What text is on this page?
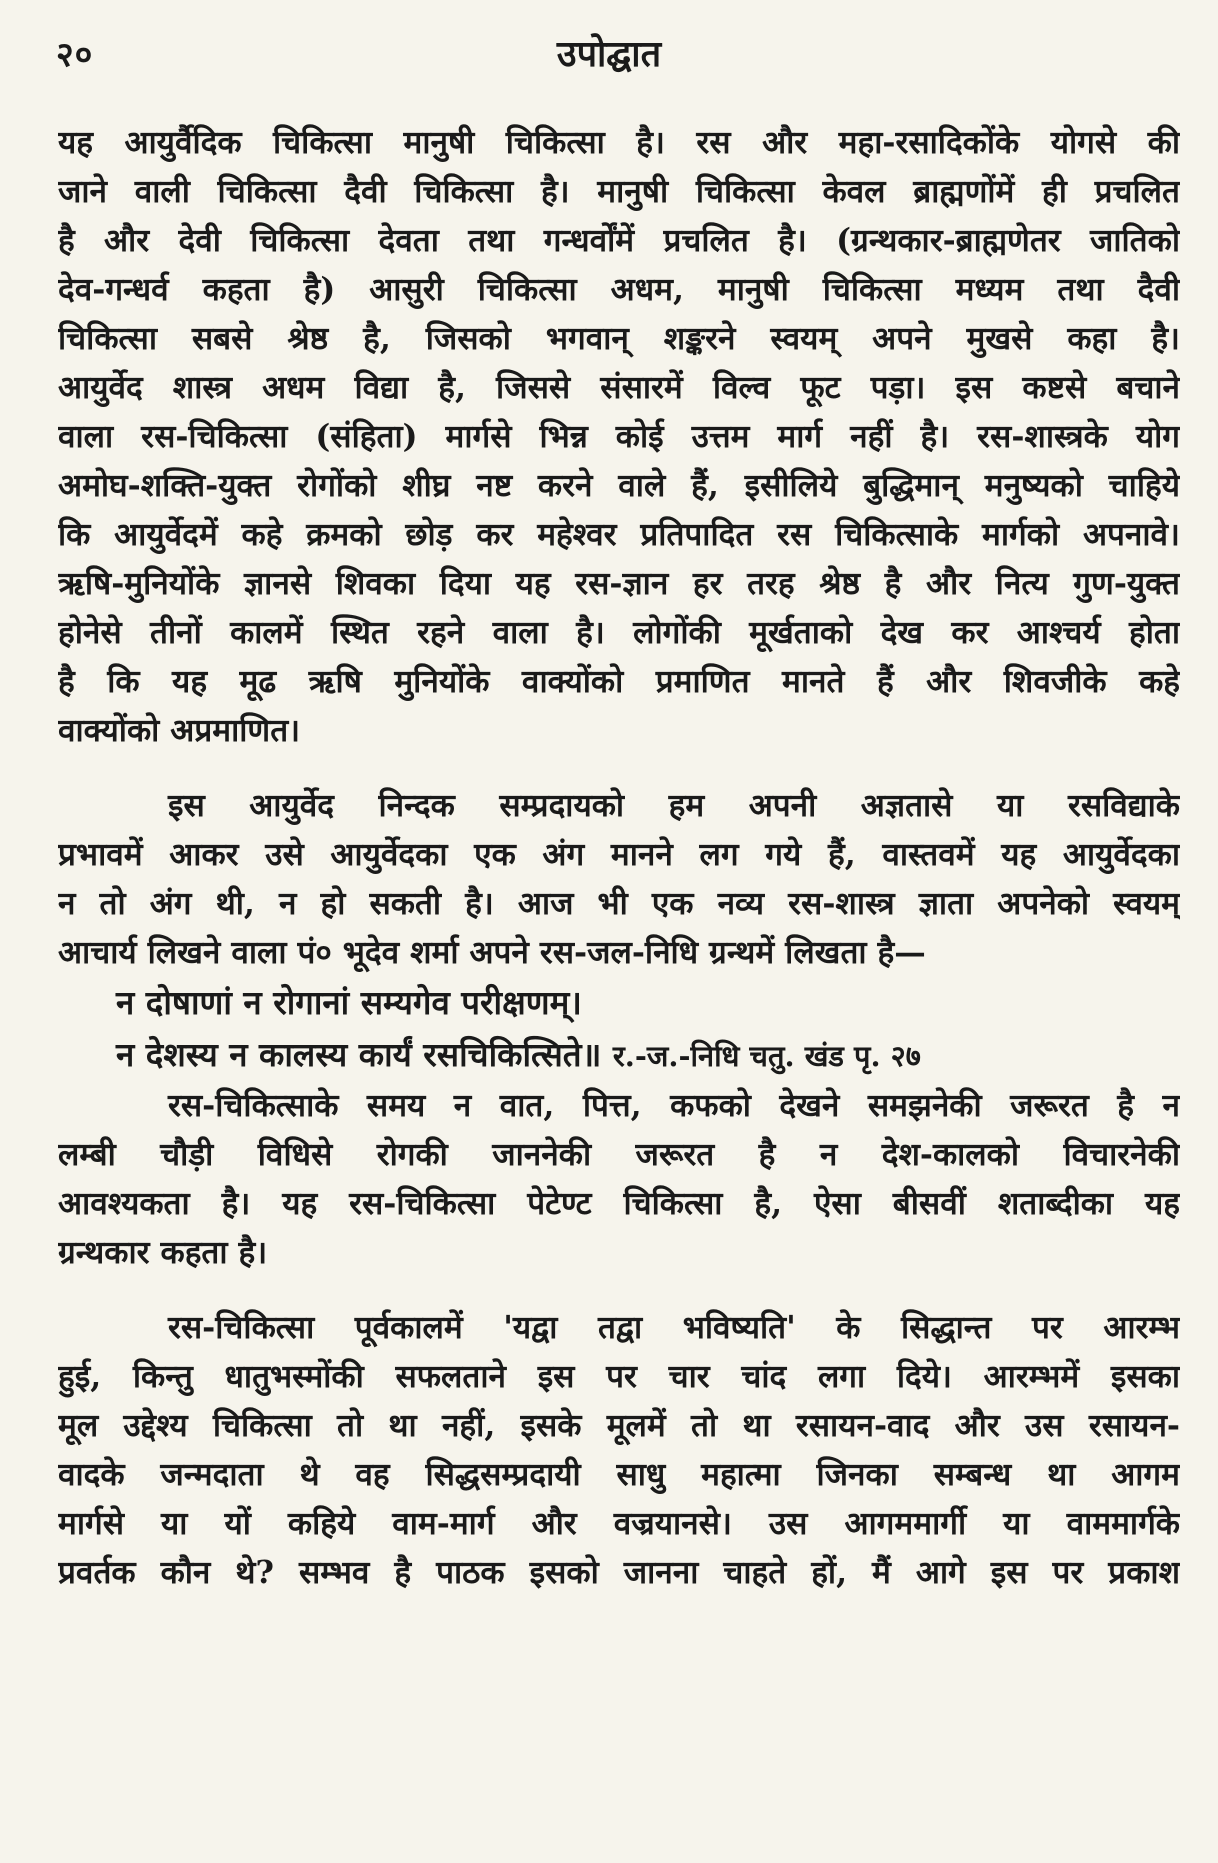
२०	उपोद्घात
यह आयुर्वैदिक चिकित्सा मानुषी चिकित्सा है। रस और महा-रसादिकोंके योगसे की
जाने वाली चिकित्सा दैवी चिकित्सा है। मानुषी चिकित्सा केवल ब्राह्मणोंमें ही प्रचलित
है और देवी चिकित्सा देवता तथा गन्धर्वोंमें प्रचलित है। (ग्रन्थकार-ब्राह्मणेतर जातिको
देव-गन्धर्व कहता है) आसुरी चिकित्सा अधम, मानुषी चिकित्सा मध्यम तथा दैवी
चिकित्सा सबसे श्रेष्ठ है, जिसको भगवान् शङ्करने स्वयम् अपने मुखसे कहा है।
आयुर्वेद शास्त्र अधम विद्या है, जिससे संसारमें विल्व फूट पड़ा। इस कष्टसे बचाने
वाला रस-चिकित्सा (संहिता) मार्गसे भिन्न कोई उत्तम मार्ग नहीं है। रस-शास्त्रके योग
अमोघ-शक्ति-युक्त रोगोंको शीघ्र नष्ट करने वाले हैं, इसीलिये बुद्धिमान् मनुष्यको चाहिये
कि आयुर्वेदमें कहे क्रमको छोड़ कर महेश्वर प्रतिपादित रस चिकित्साके मार्गको अपनावे।
ऋषि-मुनियोंके ज्ञानसे शिवका दिया यह रस-ज्ञान हर तरह श्रेष्ठ है और नित्य गुण-युक्त
होनेसे तीनों कालमें स्थित रहने वाला है। लोगोंकी मूर्खताको देख कर आश्चर्य होता
है कि यह मूढ ऋषि मुनियोंके वाक्योंको प्रमाणित मानते हैं और शिवजीके कहे
वाक्योंको अप्रमाणित।
इस आयुर्वेद निन्दक सम्प्रदायको हम अपनी अज्ञतासे या रसविद्याके
प्रभावमें आकर उसे आयुर्वेदका एक अंग मानने लग गये हैं, वास्तवमें यह आयुर्वेदका
न तो अंग थी, न हो सकती है। आज भी एक नव्य रस-शास्त्र ज्ञाता अपनेको स्वयम्
आचार्य लिखने वाला पं० भूदेव शर्मा अपने रस-जल-निधि ग्रन्थमें लिखता है—
न दोषाणां न रोगानां सम्यगेव परीक्षणम्।
न देशस्य न कालस्य कार्यं रसचिकित्सिते॥ र.-ज.-निधि चतु. खंड पृ. २७
रस-चिकित्साके समय न वात, पित्त, कफको देखने समझनेकी जरूरत है न
लम्बी चौड़ी विधिसे रोगकी जाननेकी जरूरत है न देश-कालको विचारनेकी
आवश्यकता है। यह रस-चिकित्सा पेटेण्ट चिकित्सा है, ऐसा बीसवीं शताब्दीका यह
ग्रन्थकार कहता है।
रस-चिकित्सा पूर्वकालमें 'यद्वा तद्वा भविष्यति' के सिद्धान्त पर आरम्भ
हुई, किन्तु धातुभस्मोंकी सफलताने इस पर चार चांद लगा दिये। आरम्भमें इसका
मूल उद्देश्य चिकित्सा तो था नहीं, इसके मूलमें तो था रसायन-वाद और उस रसायन-
वादके जन्मदाता थे वह सिद्धसम्प्रदायी साधु महात्मा जिनका सम्बन्ध था आगम
मार्गसे या यों कहिये वाम-मार्ग और वज्रयानसे। उस आगममार्गी या वाममार्गके
प्रवर्तक कौन थे? सम्भव है पाठक इसको जानना चाहते हों, मैं आगे इस पर प्रकाश
